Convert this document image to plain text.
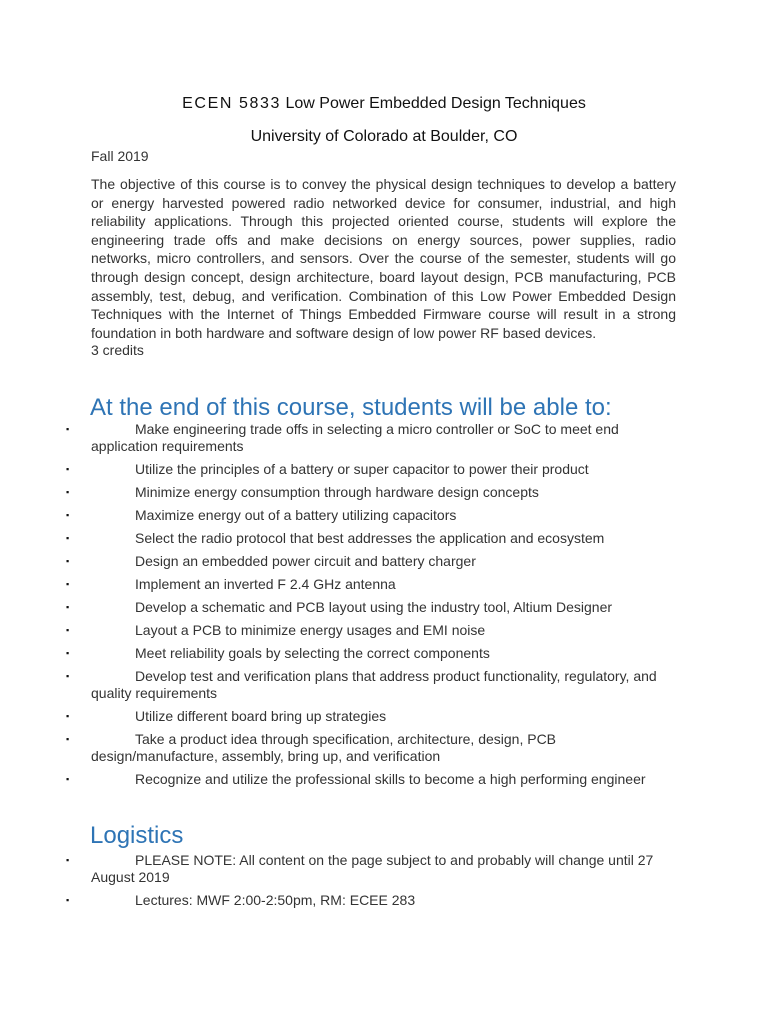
ECEN 5833 Low Power Embedded Design Techniques
University of Colorado at Boulder, CO
Fall 2019

The objective of this course is to convey the physical design techniques to develop a battery or energy harvested powered radio networked device for consumer, industrial, and high reliability applications. Through this projected oriented course, students will explore the engineering trade offs and make decisions on energy sources, power supplies, radio networks, micro controllers, and sensors. Over the course of the semester, students will go through design concept, design architecture, board layout design, PCB manufacturing, PCB assembly, test, debug, and verification. Combination of this Low Power Embedded Design Techniques with the Internet of Things Embedded Firmware course will result in a strong foundation in both hardware and software design of low power RF based devices.

3 credits
At the end of this course, students will be able to:
▪	Make engineering trade offs in selecting a micro controller or SoC to meet end application requirements
▪	Utilize the principles of a battery or super capacitor to power their product
▪	Minimize energy consumption through hardware design concepts
▪	Maximize energy out of a battery utilizing capacitors
▪	Select the radio protocol that best addresses the application and ecosystem
▪	Design an embedded power circuit and battery charger
▪	Implement an inverted F 2.4 GHz antenna
▪	Develop a schematic and PCB layout using the industry tool, Altium Designer
▪	Layout a PCB to minimize energy usages and EMI noise
▪	Meet reliability goals by selecting the correct components
▪	Develop test and verification plans that address product functionality, regulatory, and quality requirements
▪	Utilize different board bring up strategies
▪	Take a product idea through specification, architecture, design, PCB design/manufacture, assembly, bring up, and verification
▪	Recognize and utilize the professional skills to become a high performing engineer
Logistics
▪	PLEASE NOTE: All content on the page subject to and probably will change until 27 August 2019
▪	Lectures: MWF 2:00-2:50pm, RM: ECEE 283
